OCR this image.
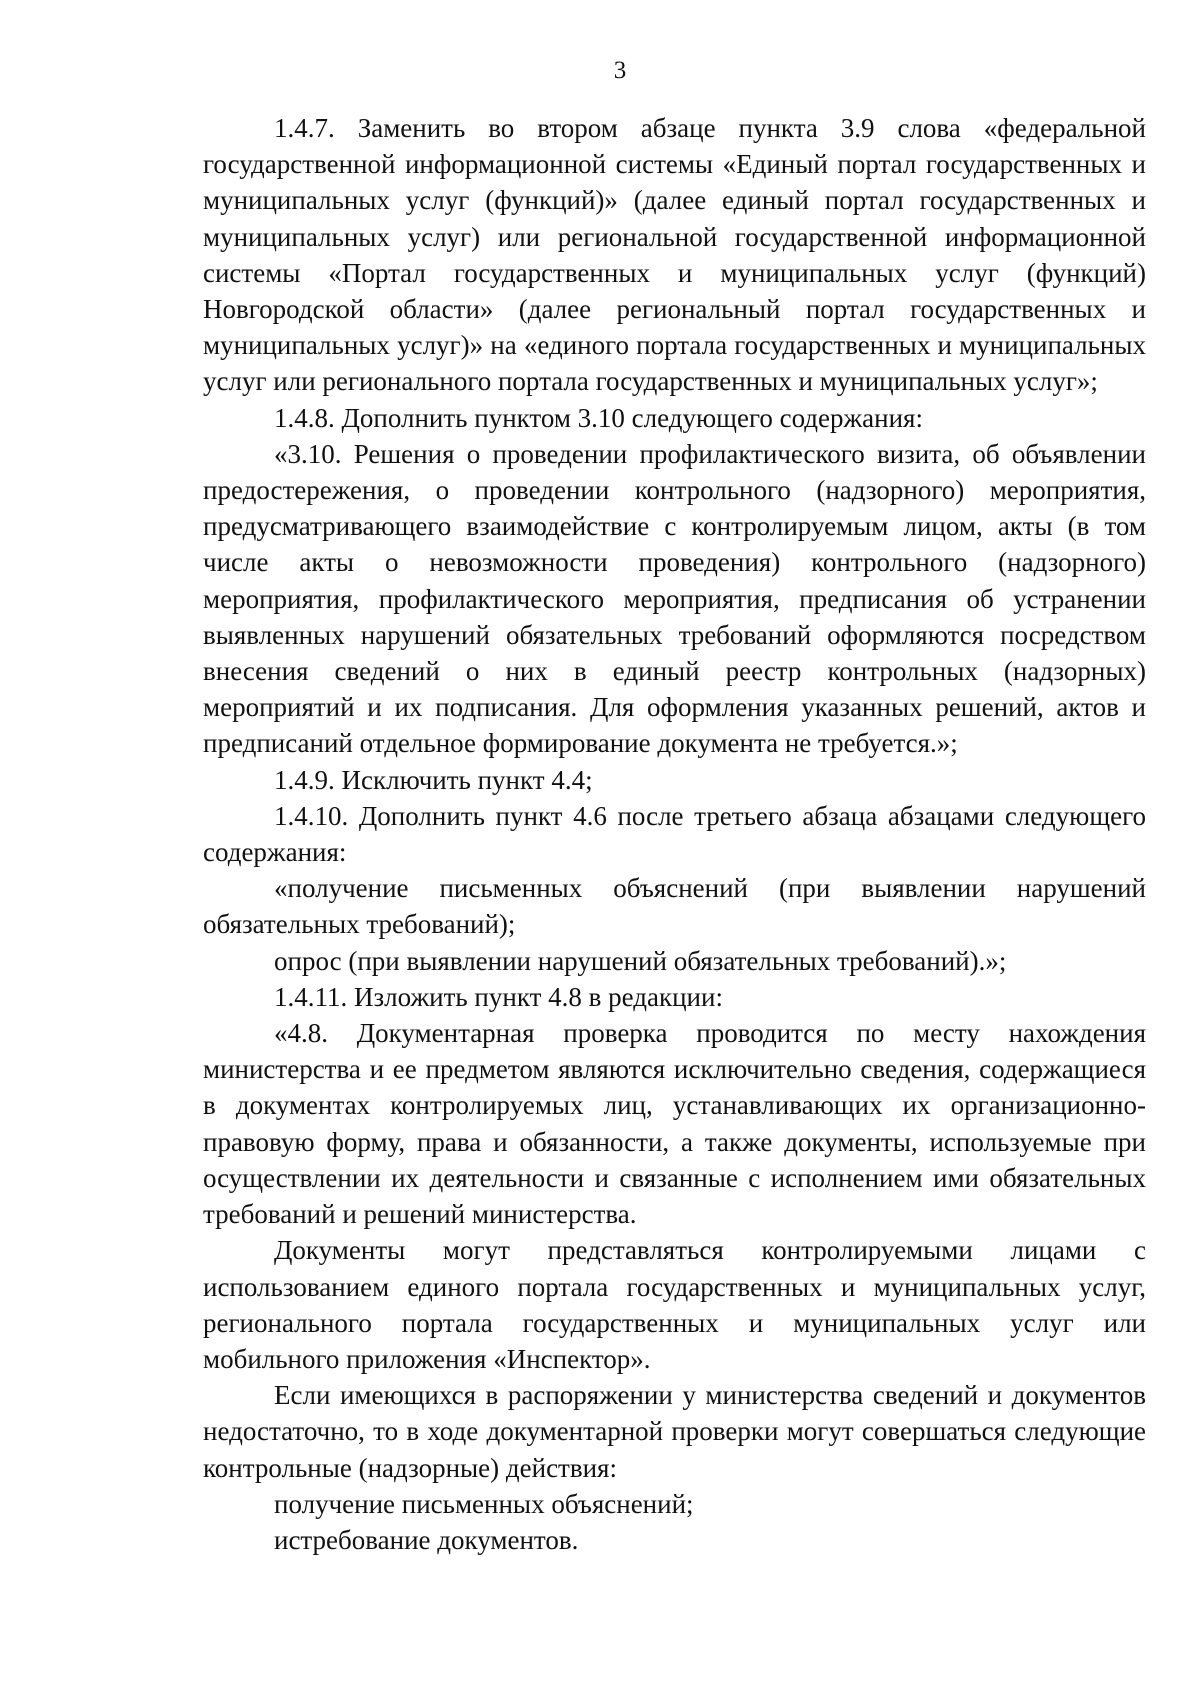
3

1.4.7. Заменить во втором абзаце пункта 3.9 слова «федеральной государственной информационной системы «Единый портал государственных и муниципальных услуг (функций)» (далее единый портал государственных и муниципальных услуг) или региональной государственной информационной системы «Портал государственных и муниципальных услуг (функций) Новгородской области» (далее региональный портал государственных и муниципальных услуг)» на «единого портала государственных и муниципальных услуг или регионального портала государственных и муниципальных услуг»;

1.4.8. Дополнить пунктом 3.10 следующего содержания:

«3.10. Решения о проведении профилактического визита, об объявлении предостережения, о проведении контрольного (надзорного) мероприятия, предусматривающего взаимодействие с контролируемым лицом, акты (в том числе акты о невозможности проведения) контрольного (надзорного) мероприятия, профилактического мероприятия, предписания об устранении выявленных нарушений обязательных требований оформляются посредством внесения сведений о них в единый реестр контрольных (надзорных) мероприятий и их подписания. Для оформления указанных решений, актов и предписаний отдельное формирование документа не требуется.»;

1.4.9. Исключить пункт 4.4;

1.4.10. Дополнить пункт 4.6 после третьего абзаца абзацами следующего содержания:

«получение письменных объяснений (при выявлении нарушений обязательных требований);

опрос (при выявлении нарушений обязательных требований).»;

1.4.11. Изложить пункт 4.8 в редакции:

«4.8. Документарная проверка проводится по месту нахождения министерства и ее предметом являются исключительно сведения, содержащиеся в документах контролируемых лиц, устанавливающих их организационно-правовую форму, права и обязанности, а также документы, используемые при осуществлении их деятельности и связанные с исполнением ими обязательных требований и решений министерства.

Документы могут представляться контролируемыми лицами с использованием единого портала государственных и муниципальных услуг, регионального портала государственных и муниципальных услуг или мобильного приложения «Инспектор».

Если имеющихся в распоряжении у министерства сведений и документов недостаточно, то в ходе документарной проверки могут совершаться следующие контрольные (надзорные) действия:

получение письменных объяснений;

истребование документов.
